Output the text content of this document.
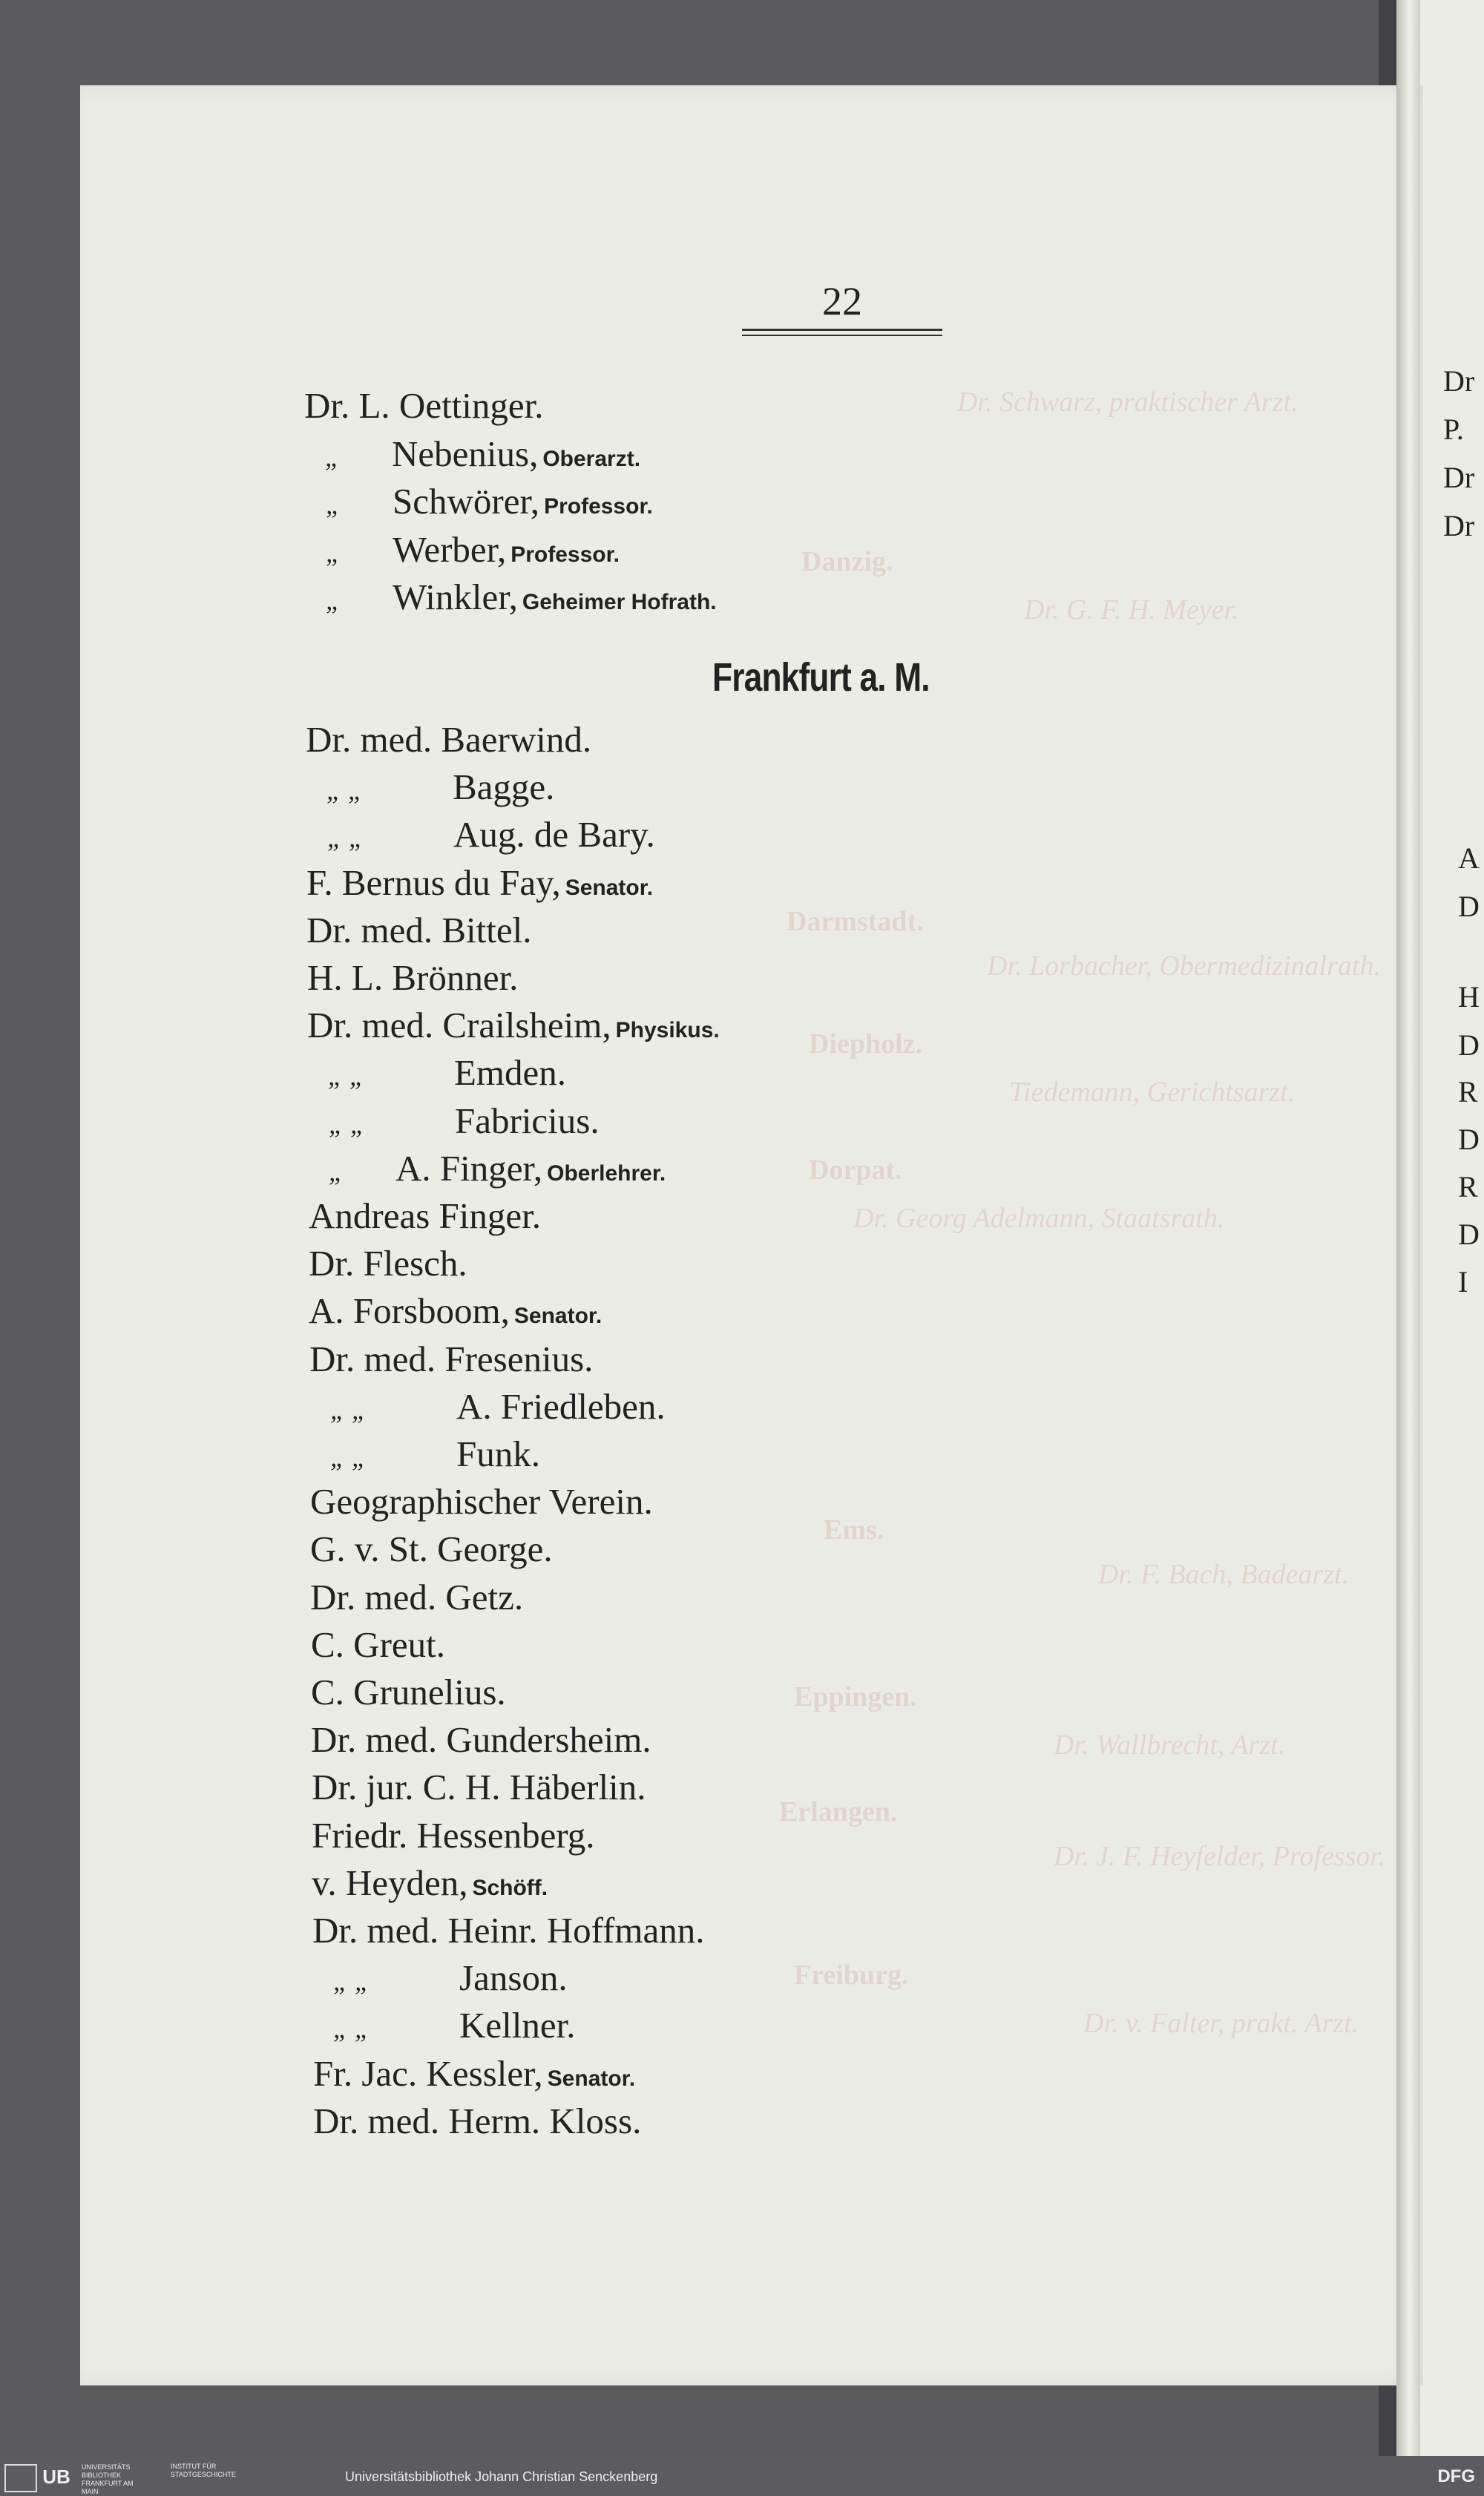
Dr
P.
Dr
Dr
A
D
H
D
R
D
R
D
I
Danzig.
Darmstadt.
Diepholz.
Dorpat.
Ems.
Eppingen.
Erlangen.
Freiburg.
Dr. Schwarz, praktischer Arzt.
Dr. G. F. H. Meyer.
Dr. Lorbacher, Obermedizinalrath.
Tiedemann, Gerichtsarzt.
Dr. Georg Adelmann, Staatsrath.
Dr. F. Bach, Badearzt.
Dr. Wallbrecht, Arzt.
Dr. J. F. Heyfelder, Professor.
Dr. v. Falter, prakt. Arzt.
22
Dr. L. Oettinger.
„ Nebenius, Oberarzt.
„ Schwörer, Professor.
„ Werber, Professor.
„ Winkler, Geheimer Hofrath.
Frankfurt a. M.
Dr. med. Baerwind.
„ „ Bagge.
„ „ Aug. de Bary.
F. Bernus du Fay, Senator.
Dr. med. Bittel.
H. L. Brönner.
Dr. med. Crailsheim, Physikus.
„ „ Emden.
„ „ Fabricius.
„ A. Finger, Oberlehrer.
Andreas Finger.
Dr. Flesch.
A. Forsboom, Senator.
Dr. med. Fresenius.
„ „ A. Friedleben.
„ „ Funk.
Geographischer Verein.
G. v. St. George.
Dr. med. Getz.
C. Greut.
C. Grunelius.
Dr. med. Gundersheim.
Dr. jur. C. H. Häberlin.
Friedr. Hessenberg.
v. Heyden, Schöff.
Dr. med. Heinr. Hoffmann.
„ „ Janson.
„ „ Kellner.
Fr. Jac. Kessler, Senator.
Dr. med. Herm. Kloss.
UB UNIVERSITÄTS BIBLIOTHEK FRANKFURT AM MAIN
INSTITUT FÜR STADTGESCHICHTE	Universitätsbibliothek Johann Christian Senckenberg	DFG
